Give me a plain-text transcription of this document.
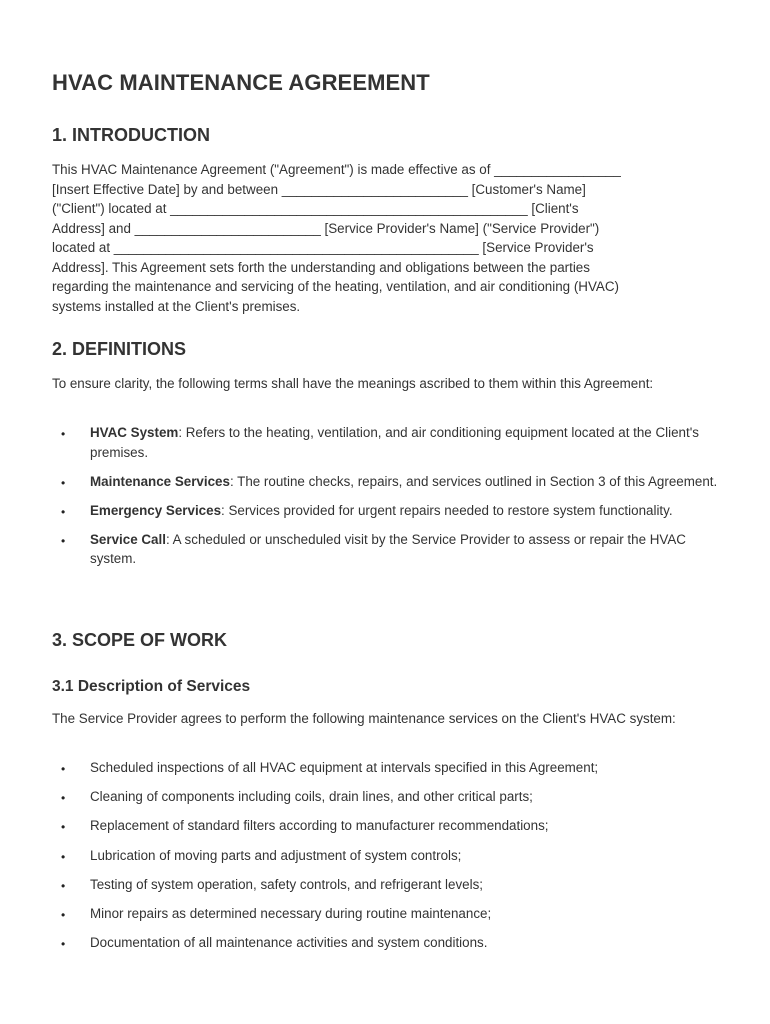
HVAC MAINTENANCE AGREEMENT
1. INTRODUCTION

This HVAC Maintenance Agreement ("Agreement") is made effective as of _________________
[Insert Effective Date] by and between _________________________ [Customer's Name]
("Client") located at ________________________________________________ [Client's
Address] and _________________________ [Service Provider's Name] ("Service Provider")
located at _________________________________________________ [Service Provider's
Address]. This Agreement sets forth the understanding and obligations between the parties
regarding the maintenance and servicing of the heating, ventilation, and air conditioning (HVAC)
systems installed at the Client's premises.

2. DEFINITIONS

To ensure clarity, the following terms shall have the meanings ascribed to them within this Agreement:

• HVAC System: Refers to the heating, ventilation, and air conditioning equipment located at the Client's premises.
• Maintenance Services: The routine checks, repairs, and services outlined in Section 3 of this Agreement.
• Emergency Services: Services provided for urgent repairs needed to restore system functionality.
• Service Call: A scheduled or unscheduled visit by the Service Provider to assess or repair the HVAC system.
3. SCOPE OF WORK
3.1 Description of Services

The Service Provider agrees to perform the following maintenance services on the Client's HVAC system:

• Scheduled inspections of all HVAC equipment at intervals specified in this Agreement;
• Cleaning of components including coils, drain lines, and other critical parts;
• Replacement of standard filters according to manufacturer recommendations;
• Lubrication of moving parts and adjustment of system controls;
• Testing of system operation, safety controls, and refrigerant levels;
• Minor repairs as determined necessary during routine maintenance;
• Documentation of all maintenance activities and system conditions.
